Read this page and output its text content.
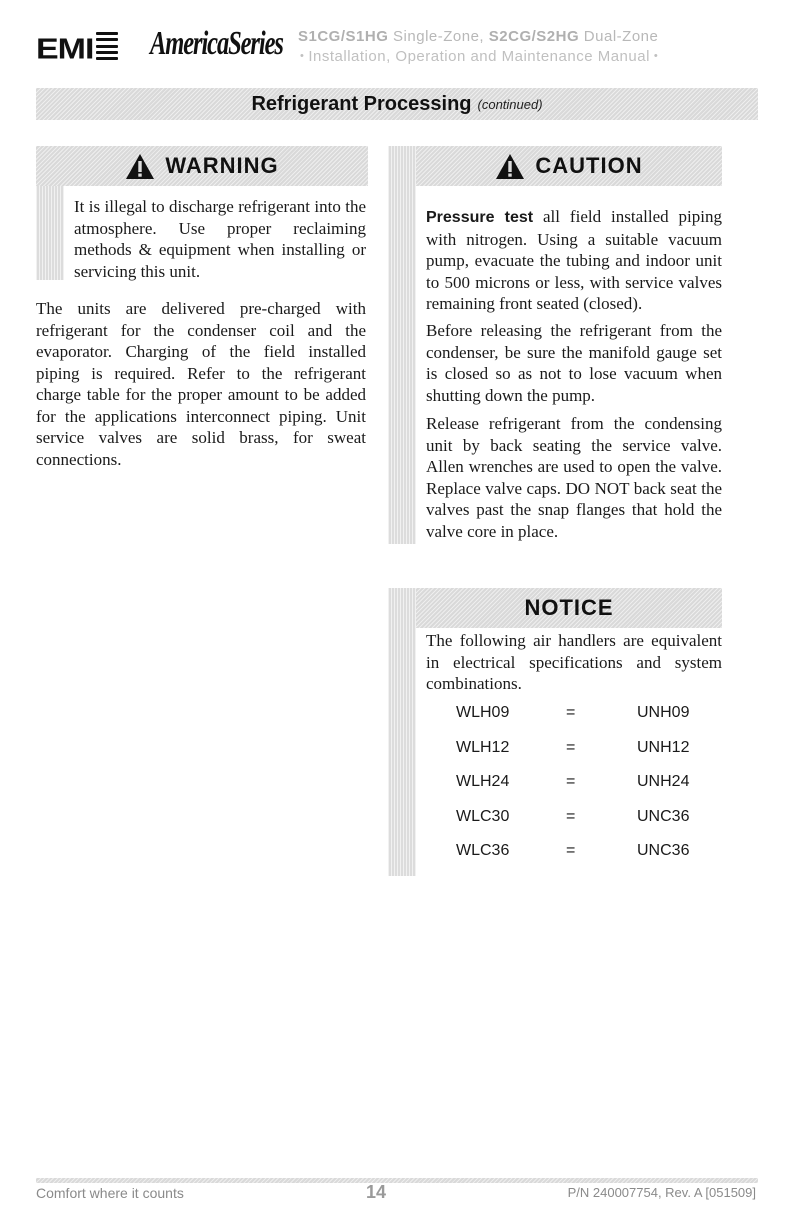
EMI AmericaSeries S1CG/S1HG Single-Zone, S2CG/S2HG Dual-Zone
• Installation, Operation and Maintenance Manual •
Refrigerant Processing (continued)
WARNING

It is illegal to discharge refrigerant into the atmosphere. Use proper reclaiming methods & equipment when installing or servicing this unit.

The units are delivered pre-charged with refrigerant for the condenser coil and the evaporator. Charging of the field installed piping is required. Refer to the refrigerant charge table for the proper amount to be added for the applications interconnect piping. Unit service valves are solid brass, for sweat connections.

CAUTION

Pressure test all field installed piping with nitrogen. Using a suitable vacuum pump, evacuate the tubing and indoor unit to 500 microns or less, with service valves remaining front seated (closed).

Before releasing the refrigerant from the condenser, be sure the manifold gauge set is closed so as not to lose vacuum when shutting down the pump.

Release refrigerant from the condensing unit by back seating the service valve. Allen wrenches are used to open the valve. Replace valve caps. DO NOT back seat the valves past the snap flanges that hold the valve core in place.

NOTICE

The following air handlers are equivalent in electrical specifications and system combinations.

WLH09	=	UNH09
WLH12	=	UNH12
WLH24	=	UNH24
WLC30	=	UNC36
WLC36	=	UNC36
Comfort where it counts	14	P/N 240007754, Rev. A [051509]
